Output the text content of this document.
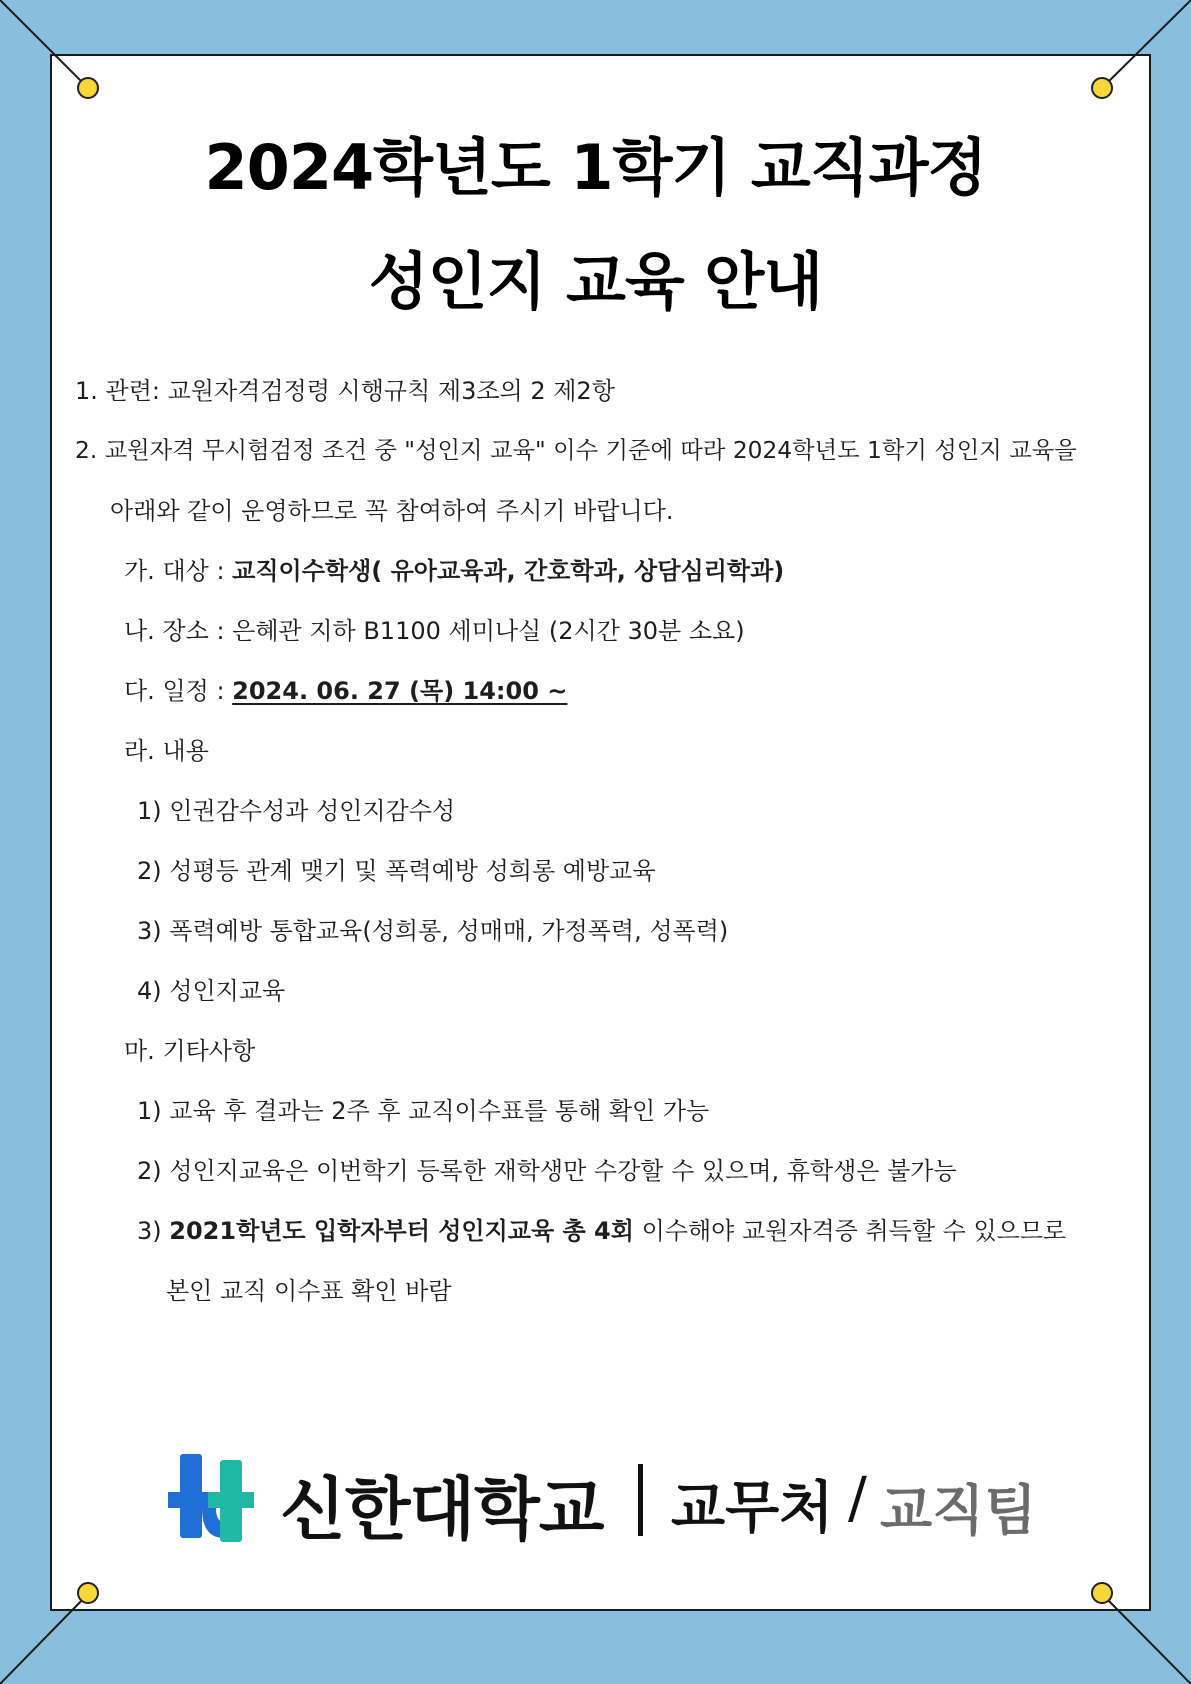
2024학년도 1학기 교직과정
성인지 교육 안내
1. 관련: 교원자격검정령 시행규칙 제3조의 2 제2항
2. 교원자격 무시험검정 조건 중 "성인지 교육" 이수 기준에 따라 2024학년도 1학기 성인지 교육을
아래와 같이 운영하므로 꼭 참여하여 주시기 바랍니다.
가. 대상 : 교직이수학생( 유아교육과, 간호학과, 상담심리학과)
나. 장소 : 은혜관 지하 B1100 세미나실 (2시간 30분 소요)
다. 일정 : 2024. 06. 27 (목) 14:00 ~
라. 내용
1) 인권감수성과 성인지감수성
2) 성평등 관계 맺기 및 폭력예방 성희롱 예방교육
3) 폭력예방 통합교육(성희롱, 성매매, 가정폭력, 성폭력)
4) 성인지교육
마. 기타사항
1) 교육 후 결과는 2주 후 교직이수표를 통해 확인 가능
2) 성인지교육은 이번학기 등록한 재학생만 수강할 수 있으며, 휴학생은 불가능
3) 2021학년도 입학자부터 성인지교육 총 4회 이수해야 교원자격증 취득할 수 있으므로
본인 교직 이수표 확인 바람
신한대학교 교무처 / 교직팀
